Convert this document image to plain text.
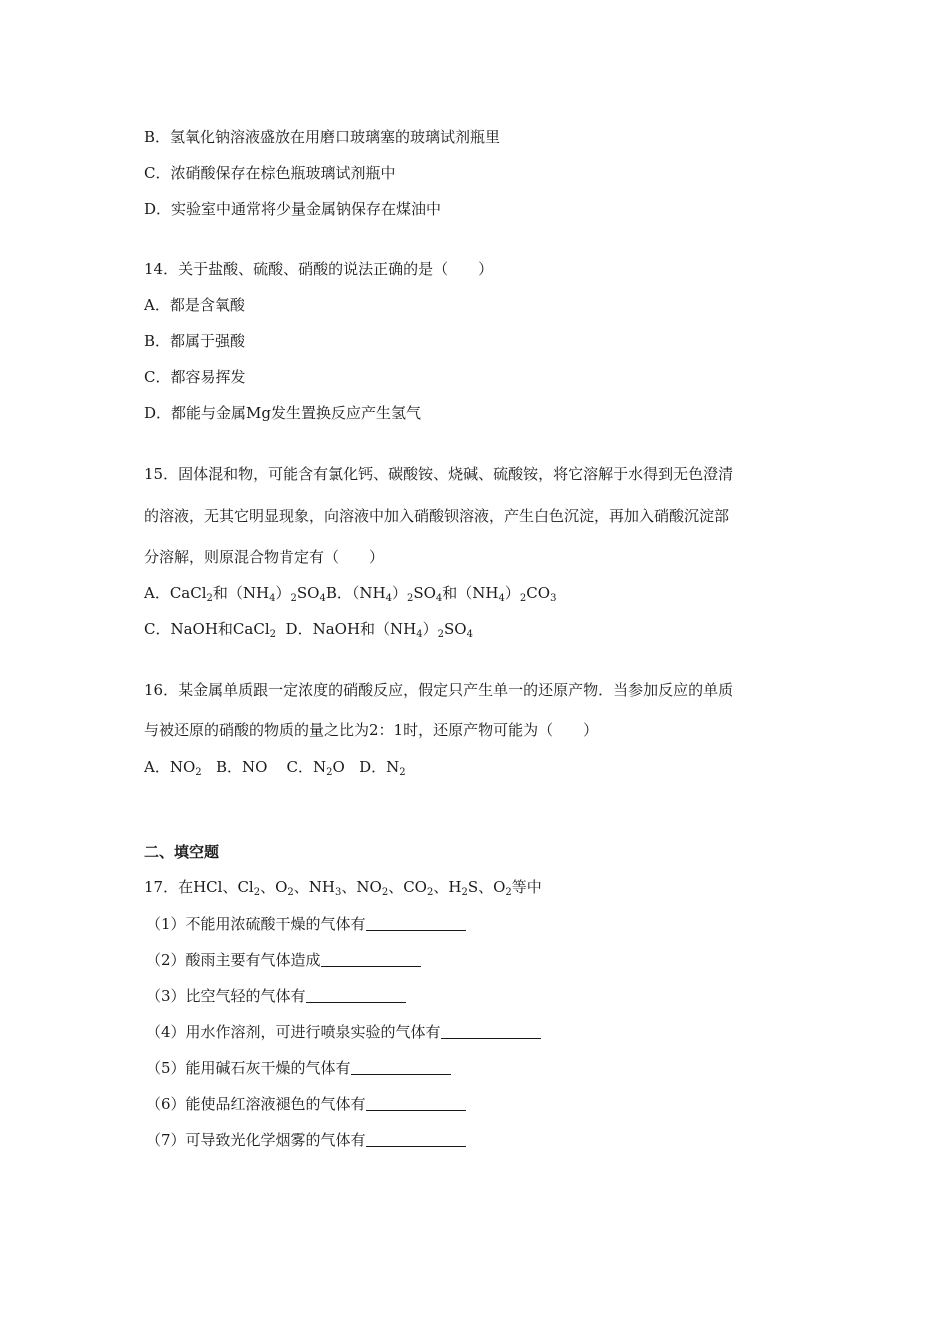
B．氢氧化钠溶液盛放在用磨口玻璃塞的玻璃试剂瓶里
C．浓硝酸保存在棕色瓶玻璃试剂瓶中
D．实验室中通常将少量金属钠保存在煤油中
14．关于盐酸、硫酸、硝酸的说法正确的是（　　）
A．都是含氧酸
B．都属于强酸
C．都容易挥发
D．都能与金属Mg发生置换反应产生氢气
15．固体混和物，可能含有氯化钙、碳酸铵、烧碱、硫酸铵，将它溶解于水得到无色澄清
的溶液，无其它明显现象，向溶液中加入硝酸钡溶液，产生白色沉淀，再加入硝酸沉淀部
分溶解，则原混合物肯定有（　　）
A．CaCl$_2$和$(NH_4)_2SO_4B$．$(NH_4)_2SO_4$和$(NH_4)_2CO_3$
C．NaOH和CaCl$_2$ D．NaOH和$(NH_4)_2SO_4$
16．某金属单质跟一定浓度的硝酸反应，假定只产生单一的还原产物．当参加反应的单质
与被还原的硝酸的物质的量之比为2：1时，还原产物可能为（　　）
A．$NO_2$ B．NO C．$N_2O$ D．$N_2$
二、填空题
17．在HCl、$Cl_2$、$O_2$、$NH_3$、$NO_2$、$CO_2$、$H_2S$、$O_2$等中
（1）不能用浓硫酸干燥的气体有
（2）酸雨主要有气体造成
（3）比空气轻的气体有
（4）用水作溶剂，可进行喷泉实验的气体有
（5）能用碱石灰干燥的气体有
（6）能使品红溶液褪色的气体有
（7）可导致光化学烟雾的气体有
